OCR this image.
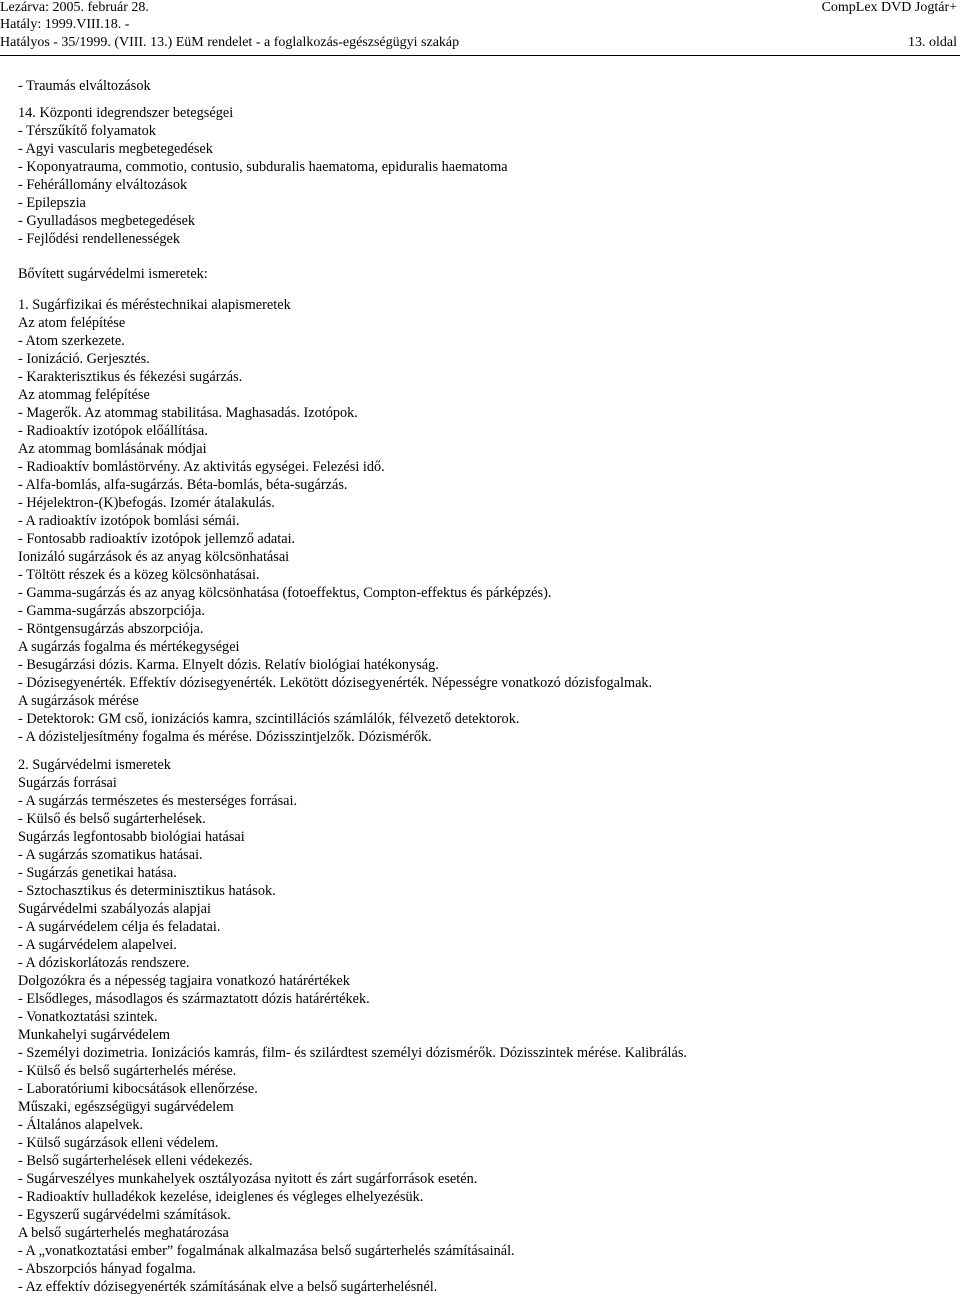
Lezárva: 2005. február 28.
Hatály: 1999.VIII.18. -
Hatályos - 35/1999. (VIII. 13.) EüM rendelet - a foglalkozás-egészségügyi szakáp
CompLex DVD Jogtár+
13. oldal
- Traumás elváltozások
14. Központi idegrendszer betegségei
- Térszűkítő folyamatok
- Agyi vascularis megbetegedések
- Koponyatrauma, commotio, contusio, subduralis haematoma, epiduralis haematoma
- Fehérállomány elváltozások
- Epilepszia
- Gyulladásos megbetegedések
- Fejlődési rendellenességek
Bővített sugárvédelmi ismeretek:
1. Sugárfizikai és méréstechnikai alapismeretek
Az atom felépítése
- Atom szerkezete.
- Ionizáció. Gerjesztés.
- Karakterisztikus és fékezési sugárzás.
Az atommag felépítése
- Magerők. Az atommag stabilitása. Maghasadás. Izotópok.
- Radioaktív izotópok előállítása.
Az atommag bomlásának módjai
- Radioaktív bomlástörvény. Az aktivitás egységei. Felezési idő.
- Alfa-bomlás, alfa-sugárzás. Béta-bomlás, béta-sugárzás.
- Héjelektron-(K)befogás. Izomér átalakulás.
- A radioaktív izotópok bomlási sémái.
- Fontosabb radioaktív izotópok jellemző adatai.
Ionizáló sugárzások és az anyag kölcsönhatásai
- Töltött részek és a közeg kölcsönhatásai.
- Gamma-sugárzás és az anyag kölcsönhatása (fotoeffektus, Compton-effektus és párképzés).
- Gamma-sugárzás abszorpciója.
- Röntgensugárzás abszorpciója.
A sugárzás fogalma és mértékegységei
- Besugárzási dózis. Karma. Elnyelt dózis. Relatív biológiai hatékonyság.
- Dózisegyenérték. Effektív dózisegyenérték. Lekötött dózisegyenérték. Népességre vonatkozó dózisfogalmak.
A sugárzások mérése
- Detektorok: GM cső, ionizációs kamra, szcintillációs számlálók, félvezető detektorok.
- A dózisteljesítmény fogalma és mérése. Dózisszintjelzők. Dózismérők.
2. Sugárvédelmi ismeretek
Sugárzás forrásai
- A sugárzás természetes és mesterséges forrásai.
- Külső és belső sugárterhelések.
Sugárzás legfontosabb biológiai hatásai
- A sugárzás szomatikus hatásai.
- Sugárzás genetikai hatása.
- Sztochasztikus és determinisztikus hatások.
Sugárvédelmi szabályozás alapjai
- A sugárvédelem célja és feladatai.
- A sugárvédelem alapelvei.
- A dóziskorlátozás rendszere.
Dolgozókra és a népesség tagjaira vonatkozó határértékek
- Elsődleges, másodlagos és származtatott dózis határértékek.
- Vonatkoztatási szintek.
Munkahelyi sugárvédelem
- Személyi dozimetria. Ionizációs kamrás, film- és szilárdtest személyi dózismérők. Dózisszintek mérése. Kalibrálás.
- Külső és belső sugárterhelés mérése.
- Laboratóriumi kibocsátások ellenőrzése.
Műszaki, egészségügyi sugárvédelem
- Általános alapelvek.
- Külső sugárzások elleni védelem.
- Belső sugárterhelések elleni védekezés.
- Sugárveszélyes munkahelyek osztályozása nyitott és zárt sugárforrások esetén.
- Radioaktív hulladékok kezelése, ideiglenes és végleges elhelyezésük.
- Egyszerű sugárvédelmi számítások.
A belső sugárterhelés meghatározása
- A „vonatkoztatási ember” fogalmának alkalmazása belső sugárterhelés számításainál.
- Abszorpciós hányad fogalma.
- Az effektív dózisegyenérték számításának elve a belső sugárterhelésnél.
